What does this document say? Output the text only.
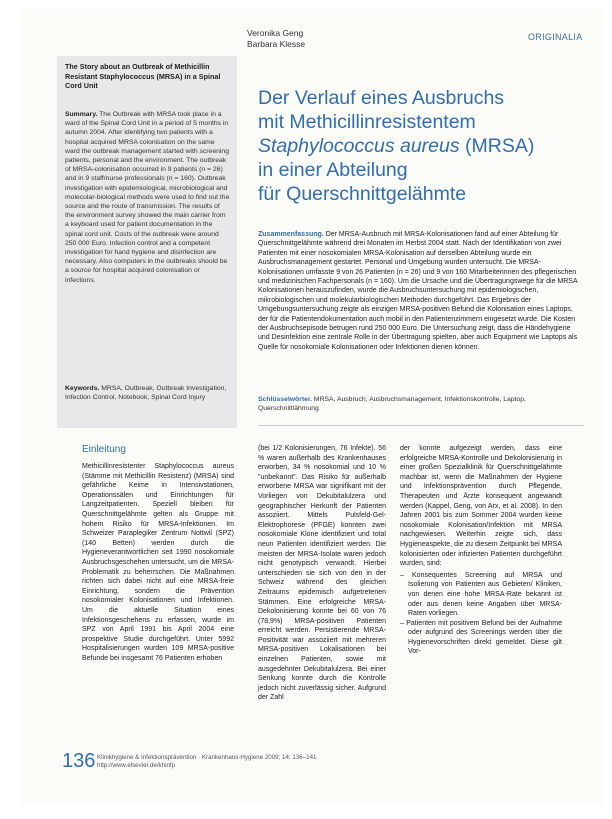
ORIGINALIA
Veronika Geng
Barbara Klesse
The Story about an Outbreak of Methicillin Resistant Staphylococcus (MRSA) in a Spinal Cord Unit
Summary. The Outbreak with MRSA took place in a ward of the Spinal Cord Unit in a period of 5 months in autumn 2004. After identifying two patients with a hospital acquired MRSA colonisation on the same ward the outbreak management started with screening patients, personal and the environment. The outbreak of MRSA-colonisation occurred in 9 patients (n = 26) and in 9 staff/nurse professionals (n = 160). Outbreak investigation with epidemiological, microbiological and molecular-biological methods were used to find out the source and the route of transmission. The results of the environment survey showed the main carrier from a keyboard used for patient documentation in the spinal cord unit. Costs of the outbreak were around 250 000 Euro. Infection control and a competent investigation for hand hygiene and disinfection are necessary. Also computers in the outbreaks should be a source for hospital acquired colonisation or infections.
Keywords. MRSA, Outbreak, Outbreak Investigation, Infection Control, Notebook, Spinal Cord Injury
Der Verlauf eines Ausbruchs
mit Methicillinresistentem
Staphylococcus aureus (MRSA)
in einer Abteilung
für Querschnittgelähmte
Zusammenfassung. Der MRSA-Ausbruch mit MRSA-Kolonisationen fand auf einer Abteilung für Querschnittgelähmte während drei Monaten im Herbst 2004 statt. Nach der Identifikation von zwei Patienten mit einer nosokomialen MRSA-Kolonisation auf derselben Abteilung wurde ein Ausbruchsmanagement gestartet. Personal und Umgebung wurden untersucht. Die MRSA-Kolonisationen umfasste 9 von 26 Patienten (n = 26) und 9 von 160 Mitarbeiterinnen des pflegerischen und medizinischen Fachpersonals (n = 160). Um die Ursache und die Übertragungswege für die MRSA Kolonisationen herauszufinden, wurde die Ausbruchsuntersuchung mit epidemiologischen, mikrobiologischen und molekularbiologischen Methoden durchgeführt. Das Ergebnis der Umgebungsuntersuchung zeigte als einzigen MRSA-positiven Befund die Kolonisation eines Laptops, der für die Patientendokumentation auch mobil in den Patientenzimmern eingesetzt wurde. Die Kosten der Ausbruchsepisode betrugen rund 250 000 Euro. Die Untersuchung zeigt, dass die Händehygiene und Desinfektion eine zentrale Rolle in der Übertragung spielten, aber auch Equipment wie Laptops als Quelle für nosokomiale Kolonisationen oder Infektionen dienen können.
Schlüsselwörter. MRSA, Ausbruch, Ausbruchsmanagement, Infektionskontrolle, Laptop, Querschnittlähmung
Einleitung
Methicillinresistenter Staphylococcus aureus (Stämme mit Methicillin Resistenz) (MRSA) sind gefährliche Keime in Intensivstationen, Operationssälen und Einrichtungen für Langzeitpatienten. Speziell bleiben für Querschnittgelähmte gelten als Gruppe mit hohem Risiko für MRSA-Infektionen. Im Schweizer Paraplegiker Zentrum Nottwil (SPZ) (140 Betten) werden durch die Hygieneverantwortlichen seit 1990 nosokomiale Ausbruchsgeschehen untersucht, um die MRSA-Problematik zu beherrschen. Die Maßnahmen richten sich dabei nicht auf eine MRSA-freie Einrichtung, sondern die Prävention nosokomialer Kolonisationen und Infektionen. Um die aktuelle Situation eines Infektionsgeschehens zu erfassen, wurde im SPZ von April 1991 bis April 2004 eine prospektive Studie durchgeführt. Unter 5992 Hospitalisierungen wurden 109 MRSA-positive Befunde bei insgesamt 76 Patienten erhoben
(bei 1/2 Kolonisierungen, 76 Infekte). 56 % waren außerhalb des Krankenhauses erworben, 34 % nosokomial und 10 % "unbekannt". Das Risiko für außerhalb erworbene MRSA war signifikant mit der Vorliegen von Dekubitalulzera und geographischer Herkunft der Patienten assoziiert. Mittels Pulsfeld-Gel-Elektrophorese (PFGE) konnten zwei nosokomiale Klone identifiziert und total neun Patienten identifiziert werden. Die meisten der MRSA-Isolate waren jedoch nicht genotypisch verwandt. Hierbei unterschieden sie sich von den in der Schweiz während des gleichen Zeitraums epidemisch aufgetretenen Stämmen. Eine erfolgreiche MRSA-Dekolonisierung konnte bei 60 von 76 (78,9%) MRSA-positiven Patienten erreicht werden. Persistierende MRSA-Positivität war assoziiert mit mehreren MRSA-positiven Lokalisationen bei einzelnen Patienten, sowie mit ausgedehnter Dekubitalulzera. Bei einer Senkung konnte durch die Kontrolle jedoch nicht zuverlässig sicher. Aufgrund der Zahl
der konnte aufgezeigt werden, dass eine erfolgreiche MRSA-Kontrolle und Dekolonisierung in einer großen Spezialklinik für Querschnittgelähmte machbar ist, wenn die Maßnahmen der Hygiene und Infektionsprävention durch Pflegende, Therapeuten und Ärzte konsequent angewandt werden (Kappel, Geng, von Arx, et al. 2008). In den Jahren 2001 bis zum Sommer 2004 wurden keine nosokomiale Kolonisation/Infektion mit MRSA nachgewiesen. Weiterhin zeigte sich, dass Hygieneaspekte, die zu diesem Zeitpunkt bei MRSA kolonisierten oder infizierten Patienten durchgeführt wurden, sind:
– Konsequentes Screening auf MRSA und Isolierung von Patienten aus Gebieten/ Kliniken, von denen eine hohe MRSA-Rate bekannt ist oder aus denen keine Angaben über MRSA-Raten vorliegen.
– Patienten mit positivem Befund bei der Aufnahme oder aufgrund des Screenings werden über die Hygienevorschriften direkt gemeldet. Diese gilt Vor-
136 Klinikhygiene & Infektionsprävention · Krankenhaus-Hygiene 2009; 14: 136–141
http://www.elsevier.de/khinfp
